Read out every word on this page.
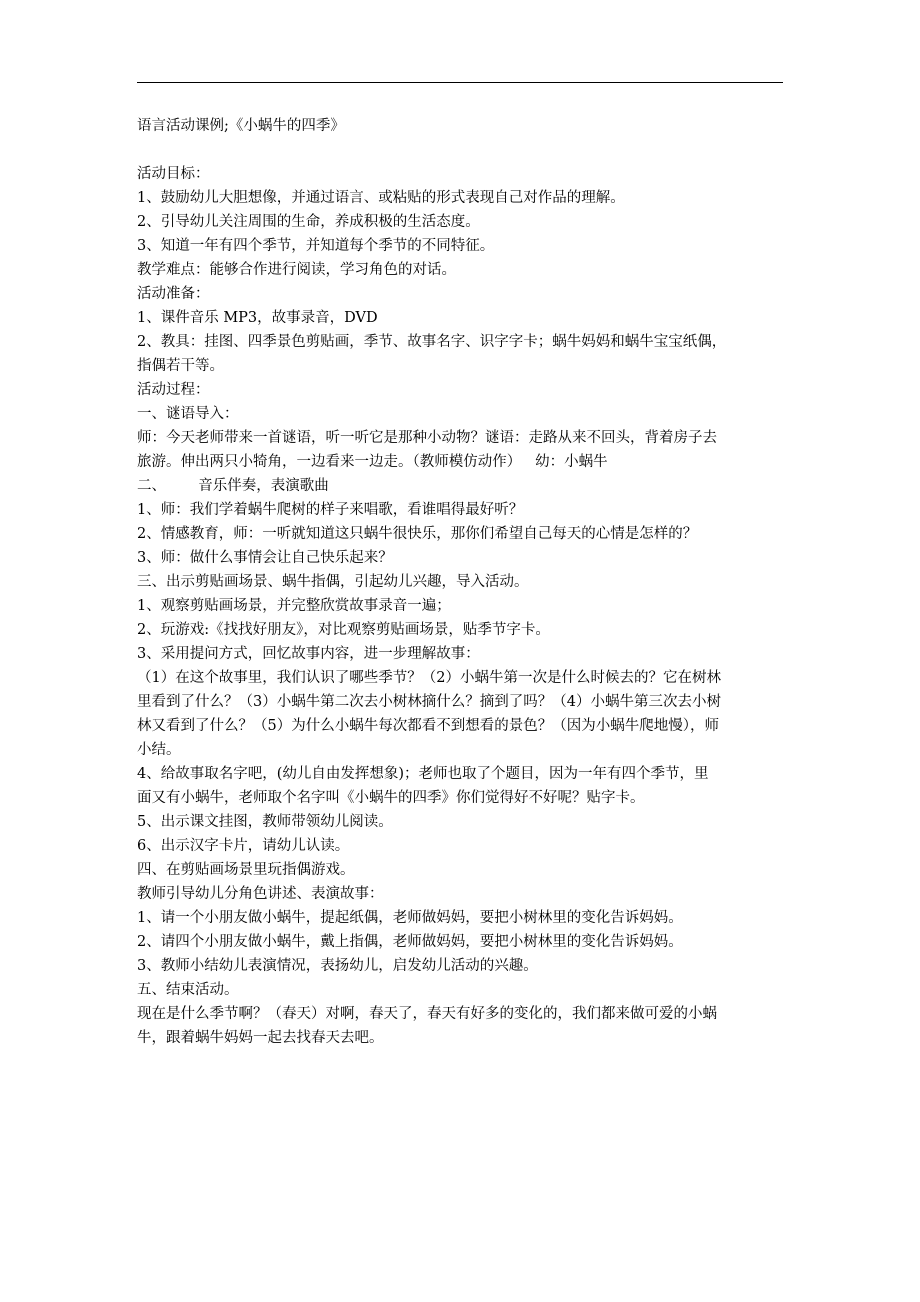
语言活动课例;《小蜗牛的四季》

活动目标：

1、鼓励幼儿大胆想像，并通过语言、或粘贴的形式表现自己对作品的理解。

2、引导幼儿关注周围的生命，养成积极的生活态度。

3、知道一年有四个季节，并知道每个季节的不同特征。

教学难点：能够合作进行阅读，学习角色的对话。

活动准备：

1、课件音乐 MP3，故事录音，DVD

2、教具：挂图、四季景色剪贴画，季节、故事名字、识字字卡；蜗牛妈妈和蜗牛宝宝纸偶，

指偶若干等。

活动过程：

一、谜语导入：

师：今天老师带来一首谜语，听一听它是那种小动物？谜语：走路从来不回头，背着房子去

旅游。伸出两只小犄角，一边看来一边走。（教师模仿动作）   幼：小蜗牛

二、       音乐伴奏，表演歌曲

1、师：我们学着蜗牛爬树的样子来唱歌，看谁唱得最好听？

2、情感教育，师：一听就知道这只蜗牛很快乐，那你们希望自己每天的心情是怎样的？

3、师：做什么事情会让自己快乐起来？

三、出示剪贴画场景、蜗牛指偶，引起幼儿兴趣，导入活动。

1、观察剪贴画场景，并完整欣赏故事录音一遍；

2、玩游戏:《找找好朋友》，对比观察剪贴画场景，贴季节字卡。

3、采用提问方式，回忆故事内容，进一步理解故事：

（1）在这个故事里，我们认识了哪些季节？（2）小蜗牛第一次是什么时候去的？它在树林

里看到了什么？（3）小蜗牛第二次去小树林摘什么？摘到了吗？（4）小蜗牛第三次去小树

林又看到了什么？（5）为什么小蜗牛每次都看不到想看的景色？（因为小蜗牛爬地慢），师

小结。

4、给故事取名字吧，(幼儿自由发挥想象)；老师也取了个题目，因为一年有四个季节，里

面又有小蜗牛，老师取个名字叫《小蜗牛的四季》你们觉得好不好呢？贴字卡。

5、出示课文挂图，教师带领幼儿阅读。

6、出示汉字卡片，请幼儿认读。

四、在剪贴画场景里玩指偶游戏。

教师引导幼儿分角色讲述、表演故事：

1、请一个小朋友做小蜗牛，提起纸偶，老师做妈妈，要把小树林里的变化告诉妈妈。

2、请四个小朋友做小蜗牛，戴上指偶，老师做妈妈，要把小树林里的变化告诉妈妈。

3、教师小结幼儿表演情况，表扬幼儿，启发幼儿活动的兴趣。

五、结束活动。

现在是什么季节啊？（春天）对啊，春天了，春天有好多的变化的，我们都来做可爱的小蜗

牛，跟着蜗牛妈妈一起去找春天去吧。
